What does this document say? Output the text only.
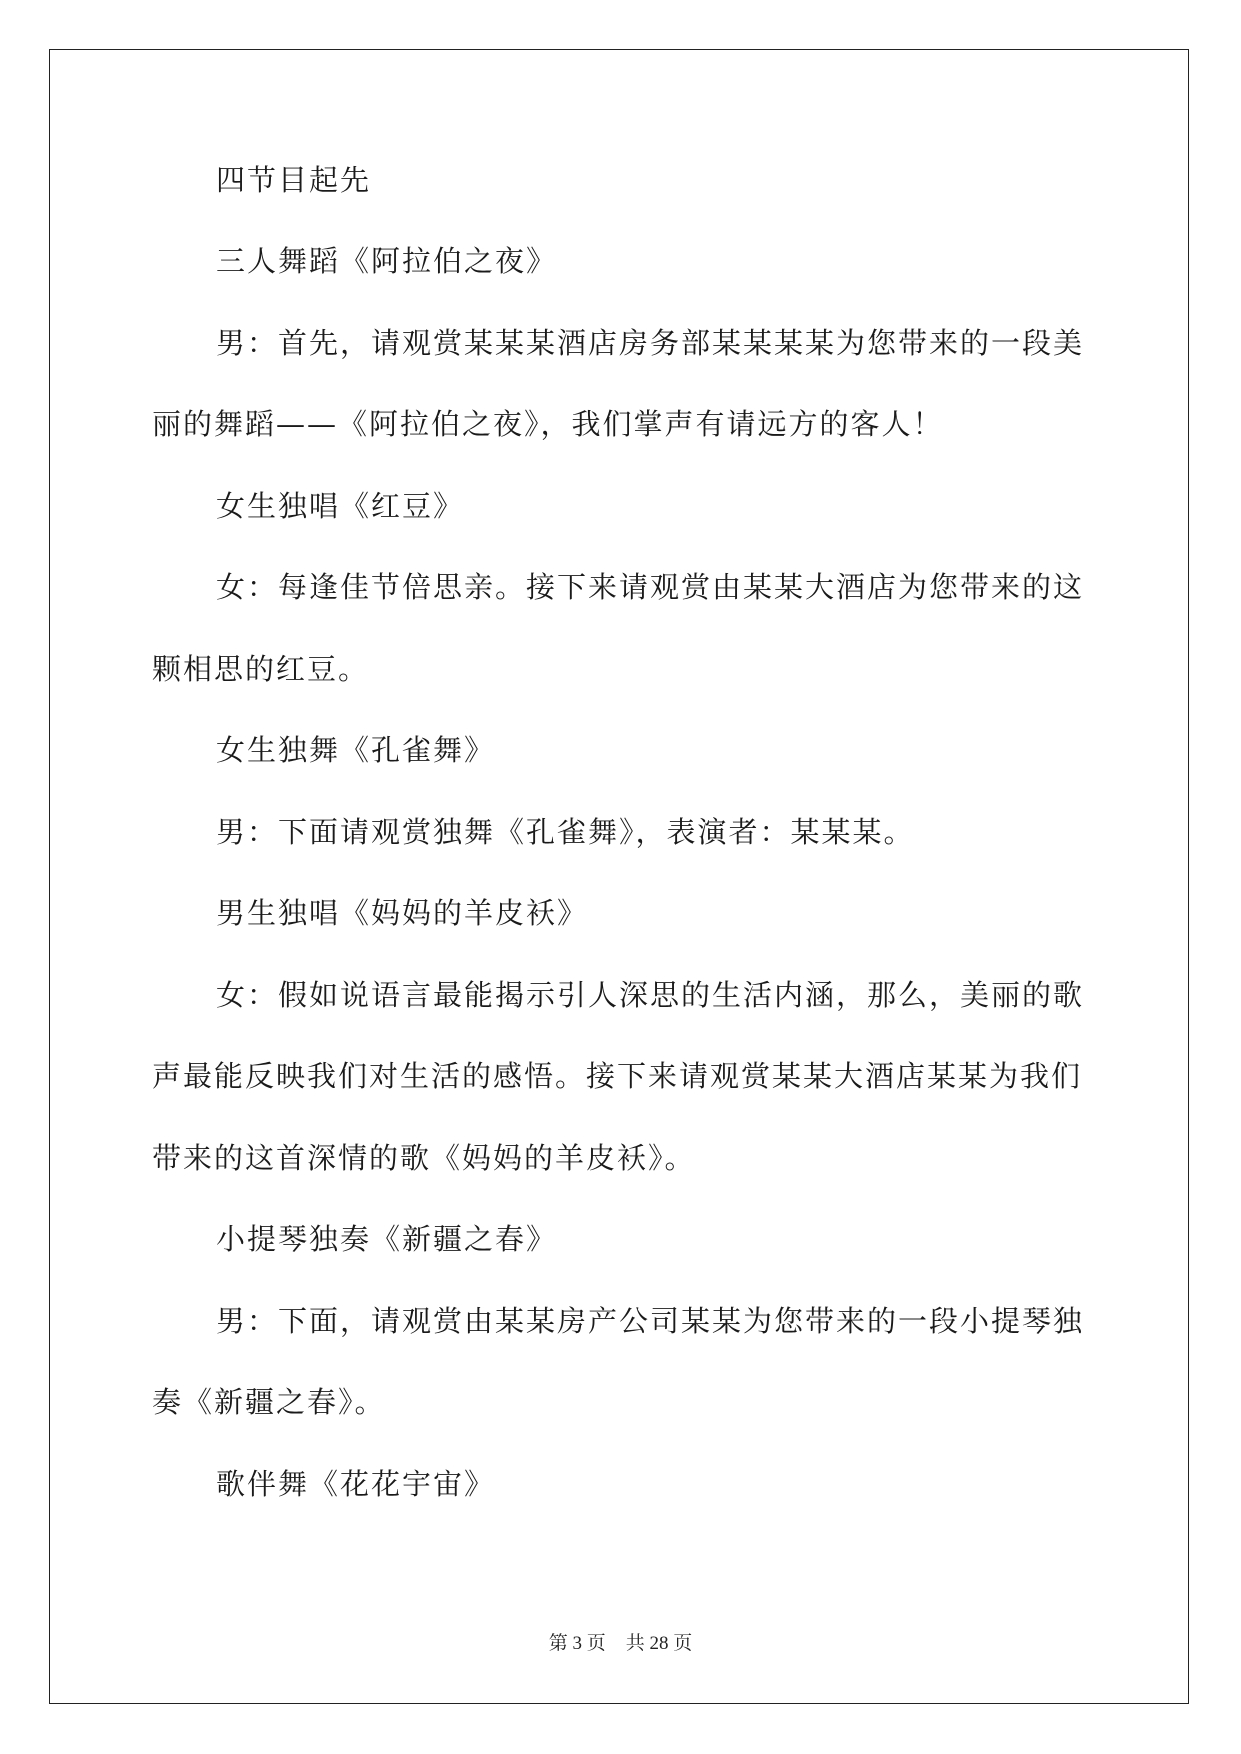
四节目起先
三人舞蹈《阿拉伯之夜》
男：首先，请观赏某某某酒店房务部某某某某为您带来的一段美
丽的舞蹈——《阿拉伯之夜》，我们掌声有请远方的客人！
女生独唱《红豆》
女：每逢佳节倍思亲。接下来请观赏由某某大酒店为您带来的这
颗相思的红豆。
女生独舞《孔雀舞》
男：下面请观赏独舞《孔雀舞》，表演者：某某某。
男生独唱《妈妈的羊皮袄》
女：假如说语言最能揭示引人深思的生活内涵，那么，美丽的歌
声最能反映我们对生活的感悟。接下来请观赏某某大酒店某某为我们
带来的这首深情的歌《妈妈的羊皮袄》。
小提琴独奏《新疆之春》
男：下面，请观赏由某某房产公司某某为您带来的一段小提琴独
奏《新疆之春》。
歌伴舞《花花宇宙》
第 3 页 共 28 页
